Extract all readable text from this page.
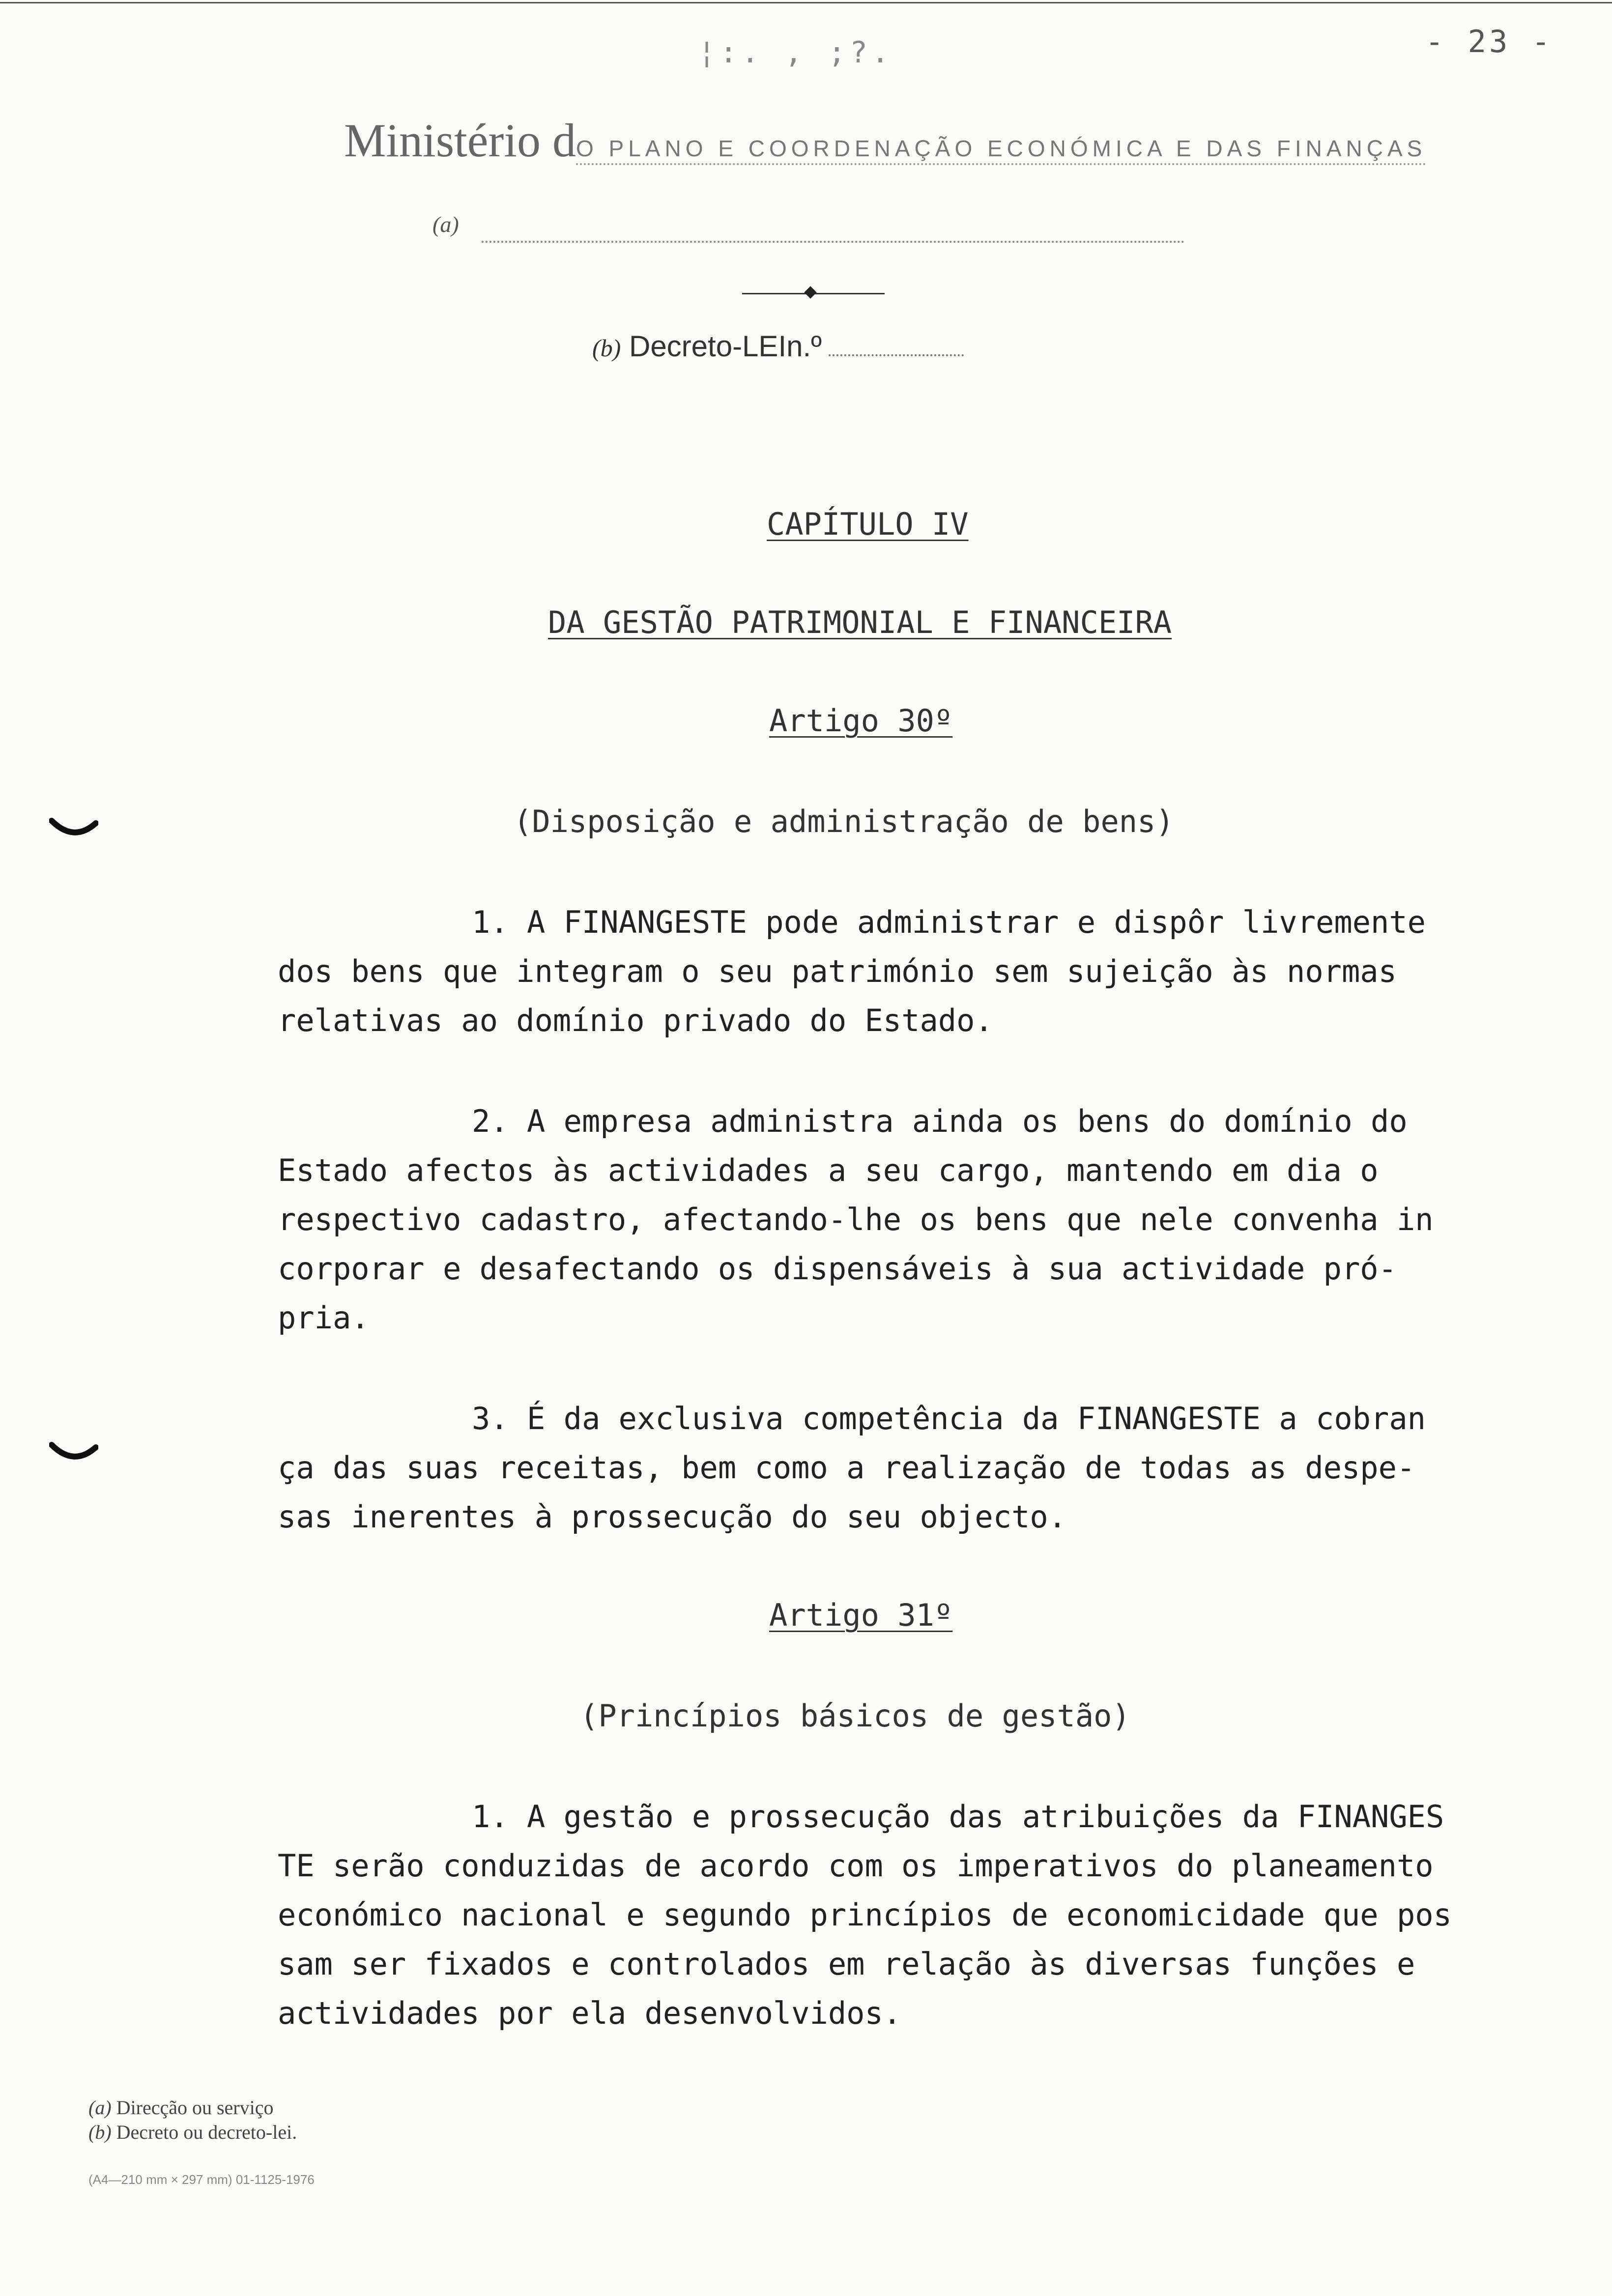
- 23 -
¦:. , ;?.
Ministério dO PLANO E COORDENAÇÃO ECONÓMICA E DAS FINANÇAS
(a)
(b) Decreto-LEIn.º
CAPÍTULO IV
DA GESTÃO PATRIMONIAL E FINANCEIRA
Artigo 30º
(Disposição e administração de bens)
1. A FINANGESTE pode administrar e dispôr livremente
dos bens que integram o seu património sem sujeição às normas
relativas ao domínio privado do Estado.
2. A empresa administra ainda os bens do domínio do
Estado afectos às actividades a seu cargo, mantendo em dia o
respectivo cadastro, afectando-lhe os bens que nele convenha in
corporar e desafectando os dispensáveis à sua actividade pró-
pria.
3. É da exclusiva competência da FINANGESTE a cobran
ça das suas receitas, bem como a realização de todas as despe-
sas inerentes à prossecução do seu objecto.
Artigo 31º
(Princípios básicos de gestão)
1. A gestão e prossecução das atribuições da FINANGES
TE serão conduzidas de acordo com os imperativos do planeamento
económico nacional e segundo princípios de economicidade que pos
sam ser fixados e controlados em relação às diversas funções e
actividades por ela desenvolvidos.
(a) Direcção ou serviço
(b) Decreto ou decreto-lei.
(A4—210 mm × 297 mm) 01-1125-1976
